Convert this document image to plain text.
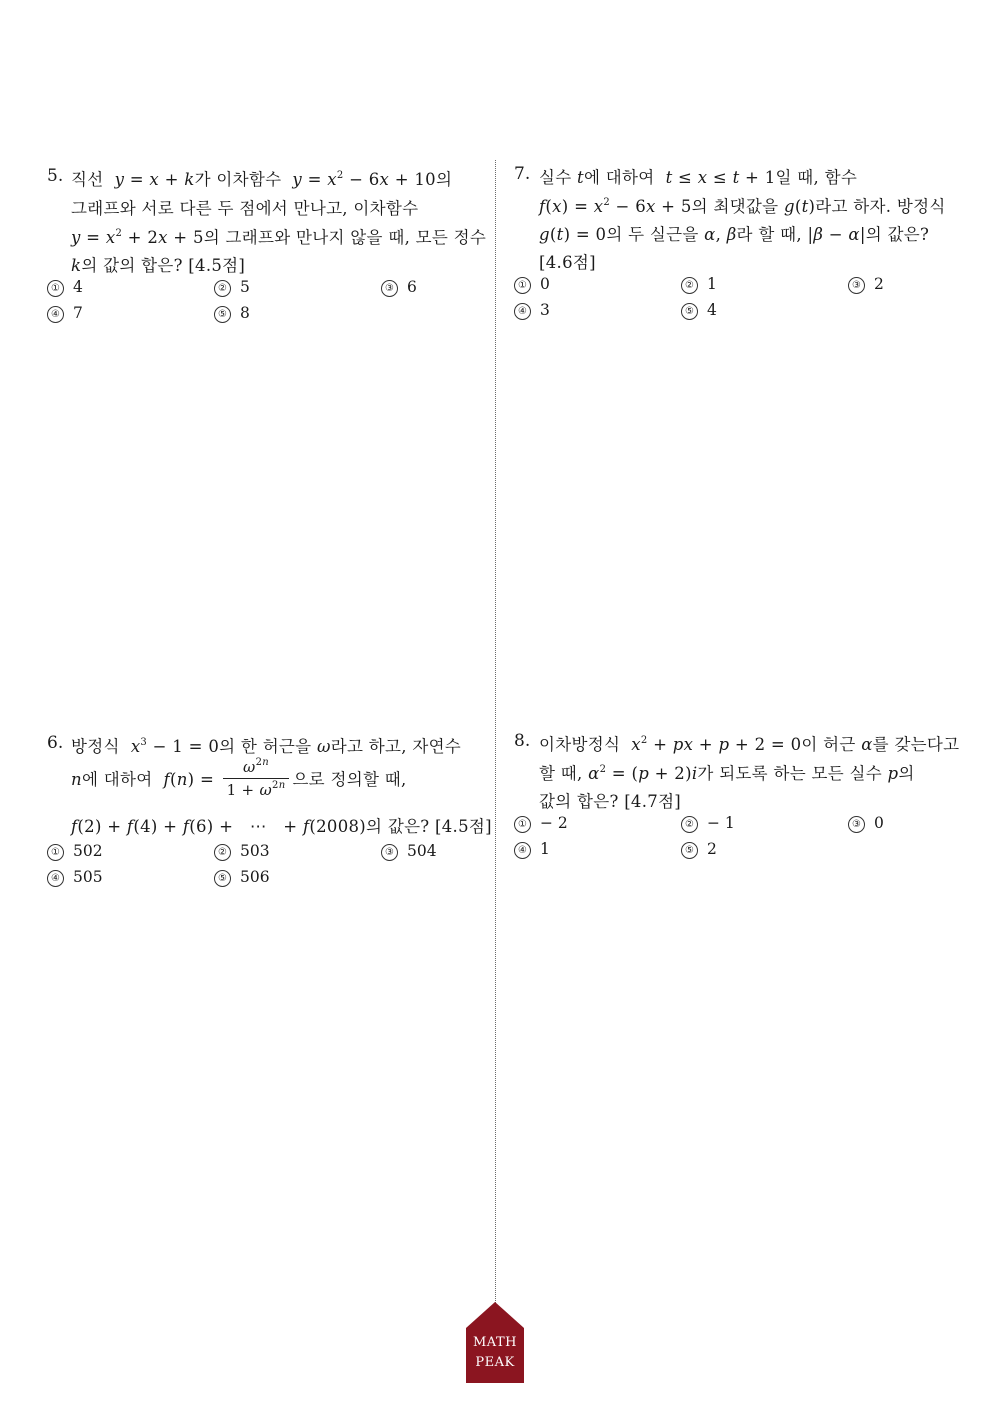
5. 직선 y = x + k가 이차함수 $y = x^2 - 6x + 10$의
그래프와 서로 다른 두 점에서 만나고, 이차함수
$y = x^2 + 2x + 5$의 그래프와 만나지 않을 때, 모든 정수
k의 값의 합은? [4.5점]
① 4	② 5	③ 6
④ 7	⑤ 8
7. 실수 t에 대하여 t ≤ x ≤ t + 1일 때, 함수
$f(x) = x^2 - 6x + 5$의 최댓값을 g(t)라고 하자. 방정식
g(t) = 0의 두 실근을 α, β라 할 때, |β − α|의 값은?
[4.6점]
① 0	② 1	③ 2
④ 3	⑤ 4
6. 방정식 $x^3 - 1 = 0$의 한 허근을 ω라고 하고, 자연수
n에 대하여 $f(n) = \frac{\omega^{2n}}{1 + \omega^{2n}}$ 으로 정의할 때,
f(2) + f(4) + f(6) +   ⋯   + f(2008)의 값은? [4.5점]
① 502	② 503	③ 504
④ 505	⑤ 506
8. 이차방정식 $x^2$ + px + p + 2 = 0이 허근 α를 갖는다고
할 때, $\alpha^2 = (p + 2)i$가 되도록 하는 모든 실수 p의
값의 합은? [4.7점]
① − 2	② − 1	③ 0
④ 1	⑤ 2
MATH
PEAK
